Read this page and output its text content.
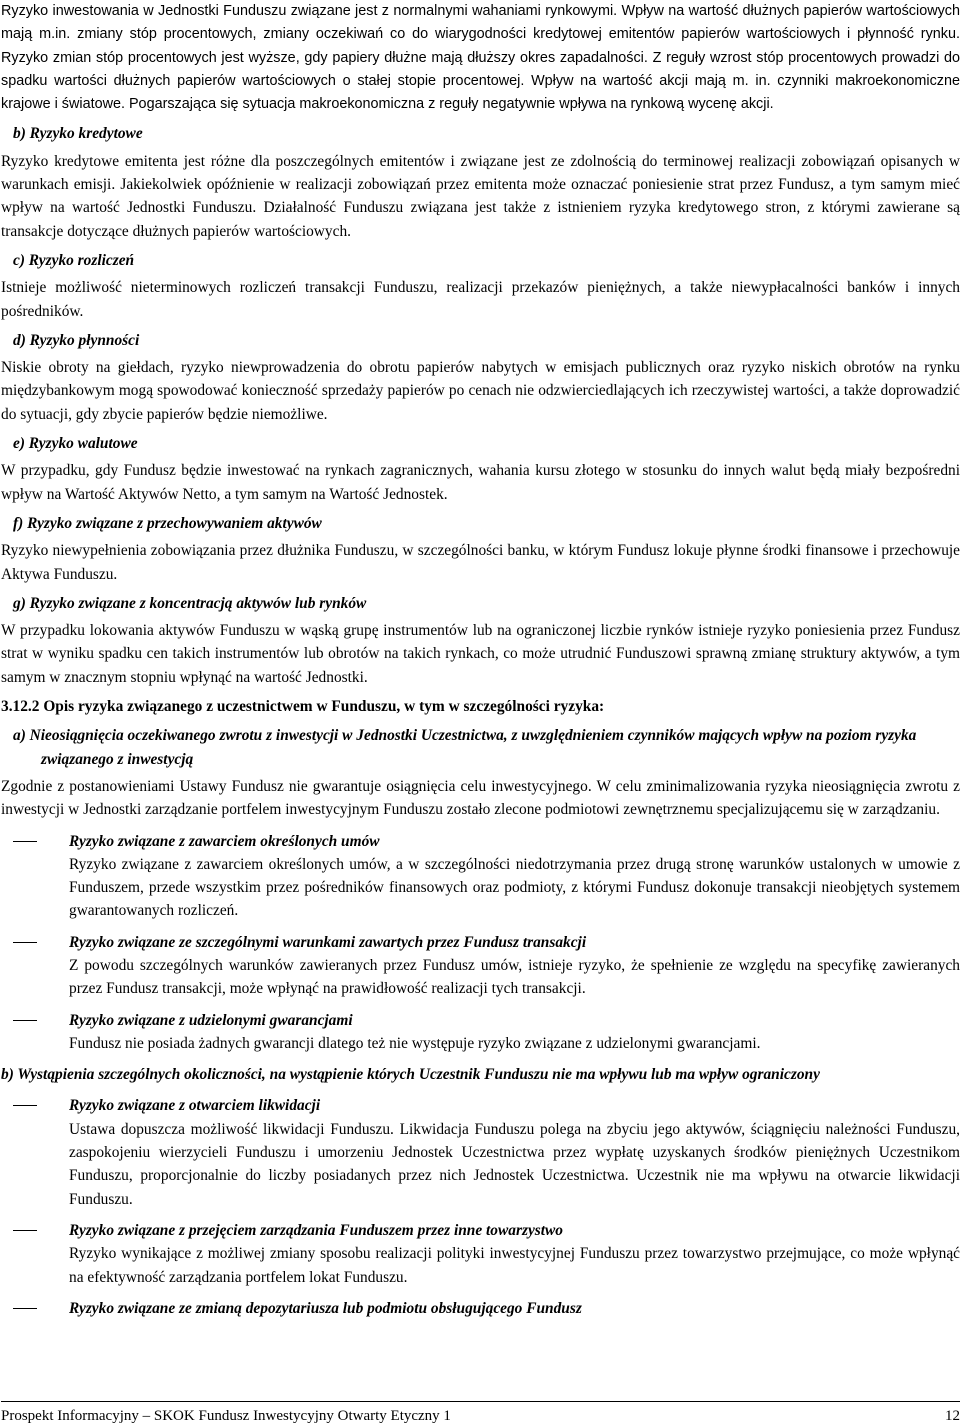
Ryzyko inwestowania w Jednostki Funduszu związane jest z normalnymi wahaniami rynkowymi. Wpływ na wartość dłużnych papierów wartościowych mają m.in. zmiany stóp procentowych, zmiany oczekiwań co do wiarygodności kredytowej emitentów papierów wartościowych i płynność rynku. Ryzyko zmian stóp procentowych jest wyższe, gdy papiery dłużne mają dłuższy okres zapadalności. Z reguły wzrost stóp procentowych prowadzi do spadku wartości dłużnych papierów wartościowych o stałej stopie procentowej. Wpływ na wartość akcji mają m. in. czynniki makroekonomiczne krajowe i światowe. Pogarszająca się sytuacja makroekonomiczna z reguły negatywnie wpływa na rynkową wycenę akcji.

b) Ryzyko kredytowe

Ryzyko kredytowe emitenta jest różne dla poszczególnych emitentów i związane jest ze zdolnością do terminowej realizacji zobowiązań opisanych w warunkach emisji. Jakiekolwiek opóźnienie w realizacji zobowiązań przez emitenta może oznaczać poniesienie strat przez Fundusz, a tym samym mieć wpływ na wartość Jednostki Funduszu. Działalność Funduszu związana jest także z istnieniem ryzyka kredytowego stron, z którymi zawierane są transakcje dotyczące dłużnych papierów wartościowych.

c) Ryzyko rozliczeń

Istnieje możliwość nieterminowych rozliczeń transakcji Funduszu, realizacji przekazów pieniężnych, a także niewypłacalności banków i innych pośredników.

d) Ryzyko płynności

Niskie obroty na giełdach, ryzyko niewprowadzenia do obrotu papierów nabytych w emisjach publicznych oraz ryzyko niskich obrotów na rynku międzybankowym mogą spowodować konieczność sprzedaży papierów po cenach nie odzwierciedlających ich rzeczywistej wartości, a także doprowadzić do sytuacji, gdy zbycie papierów będzie niemożliwe.

e) Ryzyko walutowe

W przypadku, gdy Fundusz będzie inwestować na rynkach zagranicznych, wahania kursu złotego w stosunku do innych walut będą miały bezpośredni wpływ na Wartość Aktywów Netto, a tym samym na Wartość Jednostek.

f) Ryzyko związane z przechowywaniem aktywów

Ryzyko niewypełnienia zobowiązania przez dłużnika Funduszu, w szczególności banku, w którym Fundusz lokuje płynne środki finansowe i przechowuje Aktywa Funduszu.

g) Ryzyko związane z koncentracją aktywów lub rynków

W przypadku lokowania aktywów Funduszu w wąską grupę instrumentów lub na ograniczonej liczbie rynków istnieje ryzyko poniesienia przez Fundusz strat w wyniku spadku cen takich instrumentów lub obrotów na takich rynkach, co może utrudnić Funduszowi sprawną zmianę struktury aktywów, a tym samym w znacznym stopniu wpłynąć na wartość Jednostki.

3.12.2 Opis ryzyka związanego z uczestnictwem w Funduszu, w tym w szczególności ryzyka:

a) Nieosiągnięcia oczekiwanego zwrotu z inwestycji w Jednostki Uczestnictwa, z uwzględnieniem czynników mających wpływ na poziom ryzyka związanego z inwestycją

Zgodnie z postanowieniami Ustawy Fundusz nie gwarantuje osiągnięcia celu inwestycyjnego. W celu zminimalizowania ryzyka nieosiągnięcia zwrotu z inwestycji w Jednostki zarządzanie portfelem inwestycyjnym Funduszu zostało zlecone podmiotowi zewnętrznemu specjalizującemu się w zarządzaniu.

Ryzyko związane z zawarciem określonych umów
Ryzyko związane z zawarciem określonych umów, a w szczególności niedotrzymania przez drugą stronę warunków ustalonych w umowie z Funduszem, przede wszystkim przez pośredników finansowych oraz podmioty, z którymi Fundusz dokonuje transakcji nieobjętych systemem gwarantowanych rozliczeń.
Ryzyko związane ze szczególnymi warunkami zawartych przez Fundusz transakcji
Z powodu szczególnych warunków zawieranych przez Fundusz umów, istnieje ryzyko, że spełnienie ze względu na specyfikę zawieranych przez Fundusz transakcji, może wpłynąć na prawidłowość realizacji tych transakcji.
Ryzyko związane z udzielonymi gwarancjami
Fundusz nie posiada żadnych gwarancji dlatego też nie występuje ryzyko związane z udzielonymi gwarancjami.

b) Wystąpienia szczególnych okoliczności, na wystąpienie których Uczestnik Funduszu nie ma wpływu lub ma wpływ ograniczony

Ryzyko związane z otwarciem likwidacji
Ustawa dopuszcza możliwość likwidacji Funduszu. Likwidacja Funduszu polega na zbyciu jego aktywów, ściągnięciu należności Funduszu, zaspokojeniu wierzycieli Funduszu i umorzeniu Jednostek Uczestnictwa przez wypłatę uzyskanych środków pieniężnych Uczestnikom Funduszu, proporcjonalnie do liczby posiadanych przez nich Jednostek Uczestnictwa. Uczestnik nie ma wpływu na otwarcie likwidacji Funduszu.
Ryzyko związane z przejęciem zarządzania Funduszem przez inne towarzystwo
Ryzyko wynikające z możliwej zmiany sposobu realizacji polityki inwestycyjnej Funduszu przez towarzystwo przejmujące, co może wpłynąć na efektywność zarządzania portfelem lokat Funduszu.
Ryzyko związane ze zmianą depozytariusza lub podmiotu obsługującego Fundusz
Prospekt Informacyjny – SKOK Fundusz Inwestycyjny Otwarty Etyczny 1	12
